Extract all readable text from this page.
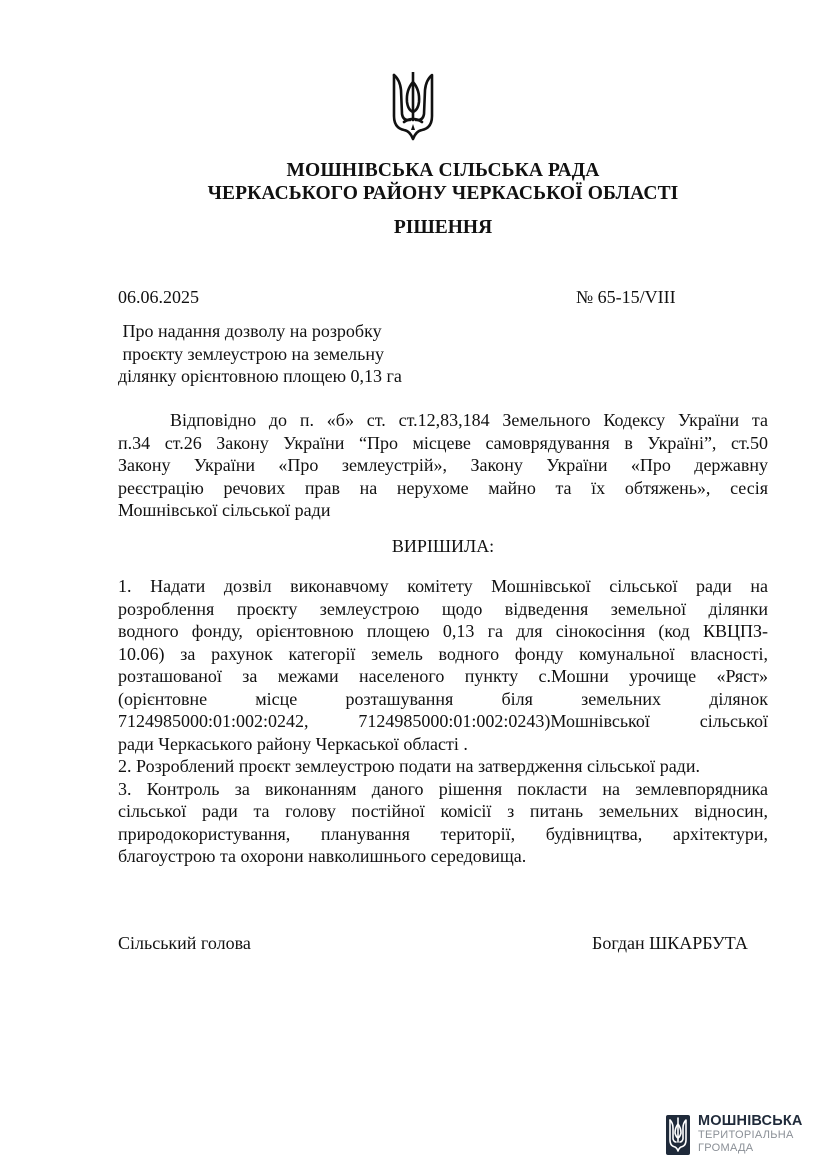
МОШНІВСЬКА СІЛЬСЬКА РАДА
ЧЕРКАСЬКОГО РАЙОНУ ЧЕРКАСЬКОЇ ОБЛАСТІ
РІШЕННЯ
06.06.2025	№ 65-15/VIII
Про надання дозволу на розробку
проєкту землеустрою на земельну
ділянку орієнтовною площею 0,13 га
Відповідно до п. «б» ст. ст.12,83,184 Земельного Кодексу України та
п.34 ст.26 Закону України “Про місцеве самоврядування в Україні”, ст.50
Закону України «Про землеустрій», Закону України «Про державну
реєстрацію речових прав на нерухоме майно та їх обтяжень», сесія
Мошнівської сільської ради
ВИРІШИЛА:
1. Надати дозвіл виконавчому комітету Мошнівської сільської ради на
розроблення проєкту землеустрою щодо відведення земельної ділянки
водного фонду, орієнтовною площею 0,13 га для сінокосіння (код КВЦПЗ-
10.06) за рахунок категорії земель водного фонду комунальної власності,
розташованої за межами населеного пункту с.Мошни урочище «Ряст»
(орієнтовне місце розташування біля земельних ділянок
7124985000:01:002:0242, 7124985000:01:002:0243)Мошнівської сільської
ради Черкаського району Черкаської області .
2. Розроблений проєкт землеустрою подати на затвердження сільської ради.
3. Контроль за виконанням даного рішення покласти на землевпорядника
сільської ради та голову постійної комісії з питань земельних відносин,
природокористування, планування території, будівництва, архітектури,
благоустрою та охорони навколишнього середовища.
Сільський голова	Богдан ШКАРБУТА
МОШНІВСЬКА
ТЕРИТОРІАЛЬНА
ГРОМАДА
